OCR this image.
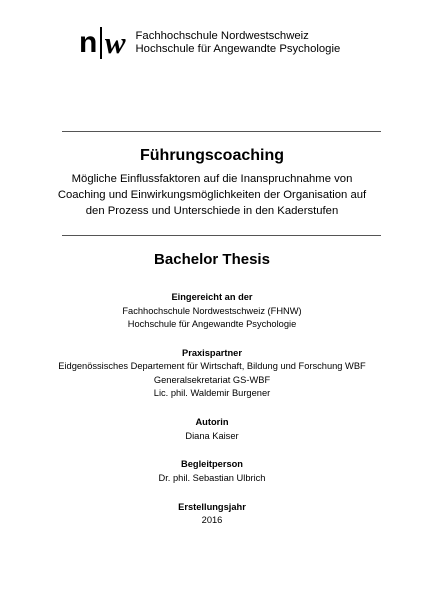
n w Fachhochschule Nordwestschweiz
Hochschule für Angewandte Psychologie
Führungscoaching
Mögliche Einflussfaktoren auf die Inanspruchnahme von
Coaching und Einwirkungsmöglichkeiten der Organisation auf
den Prozess und Unterschiede in den Kaderstufen
Bachelor Thesis
Eingereicht an der
Fachhochschule Nordwestschweiz (FHNW)
Hochschule für Angewandte Psychologie
Praxispartner
Eidgenössisches Departement für Wirtschaft, Bildung und Forschung WBF
Generalsekretariat GS-WBF
Lic. phil. Waldemir Burgener
Autorin
Diana Kaiser
Begleitperson
Dr. phil. Sebastian Ulbrich
Erstellungsjahr
2016
